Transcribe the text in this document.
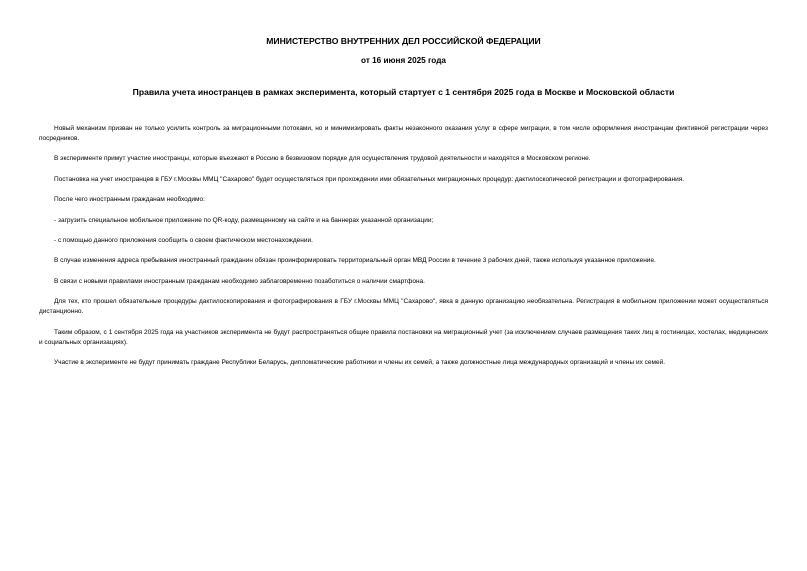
МИНИСТЕРСТВО ВНУТРЕННИХ ДЕЛ РОССИЙСКОЙ ФЕДЕРАЦИИ
от 16 июня 2025 года
Правила учета иностранцев в рамках эксперимента, который стартует с 1 сентября 2025 года в Москве и Московской области

Новый механизм призван не только усилить контроль за миграционными потоками, но и минимизировать факты незаконного оказания услуг в сфере миграции, в том числе оформления иностранцам фиктивной регистрации через посредников.

В эксперименте примут участие иностранцы, которые въезжают в Россию в безвизовом порядке для осуществления трудовой деятельности и находятся в Московском регионе.

Постановка на учет иностранцев в ГБУ г.Москвы ММЦ "Сахарово" будет осуществляться при прохождении ими обязательных миграционных процедур: дактилоскопической регистрации и фотографирования.

После чего иностранным гражданам необходимо:

- загрузить специальное мобильное приложение по QR-коду, размещенному на сайте и на баннерах указанной организации;

- с помощью данного приложения сообщить о своем фактическом местонахождении.

В случае изменения адреса пребывания иностранный гражданин обязан проинформировать территориальный орган МВД России в течение 3 рабочих дней, также используя указанное приложение.

В связи с новыми правилами иностранным гражданам необходимо заблаговременно позаботиться о наличии смартфона.

Для тех, кто прошел обязательные процедуры дактилоскопирования и фотографирования в ГБУ г.Москвы ММЦ "Сахарово", явка в данную организацию необязательна. Регистрация в мобильном приложении может осуществляться дистанционно.

Таким образом, с 1 сентября 2025 года на участников эксперимента не будут распространяться общие правила постановки на миграционный учет (за исключением случаев размещения таких лиц в гостиницах, хостелах, медицинских и социальных организациях).

Участие в эксперименте не будут принимать граждане Республики Беларусь, дипломатические работники и члены их семей, а также должностные лица международных организаций и члены их семей.
